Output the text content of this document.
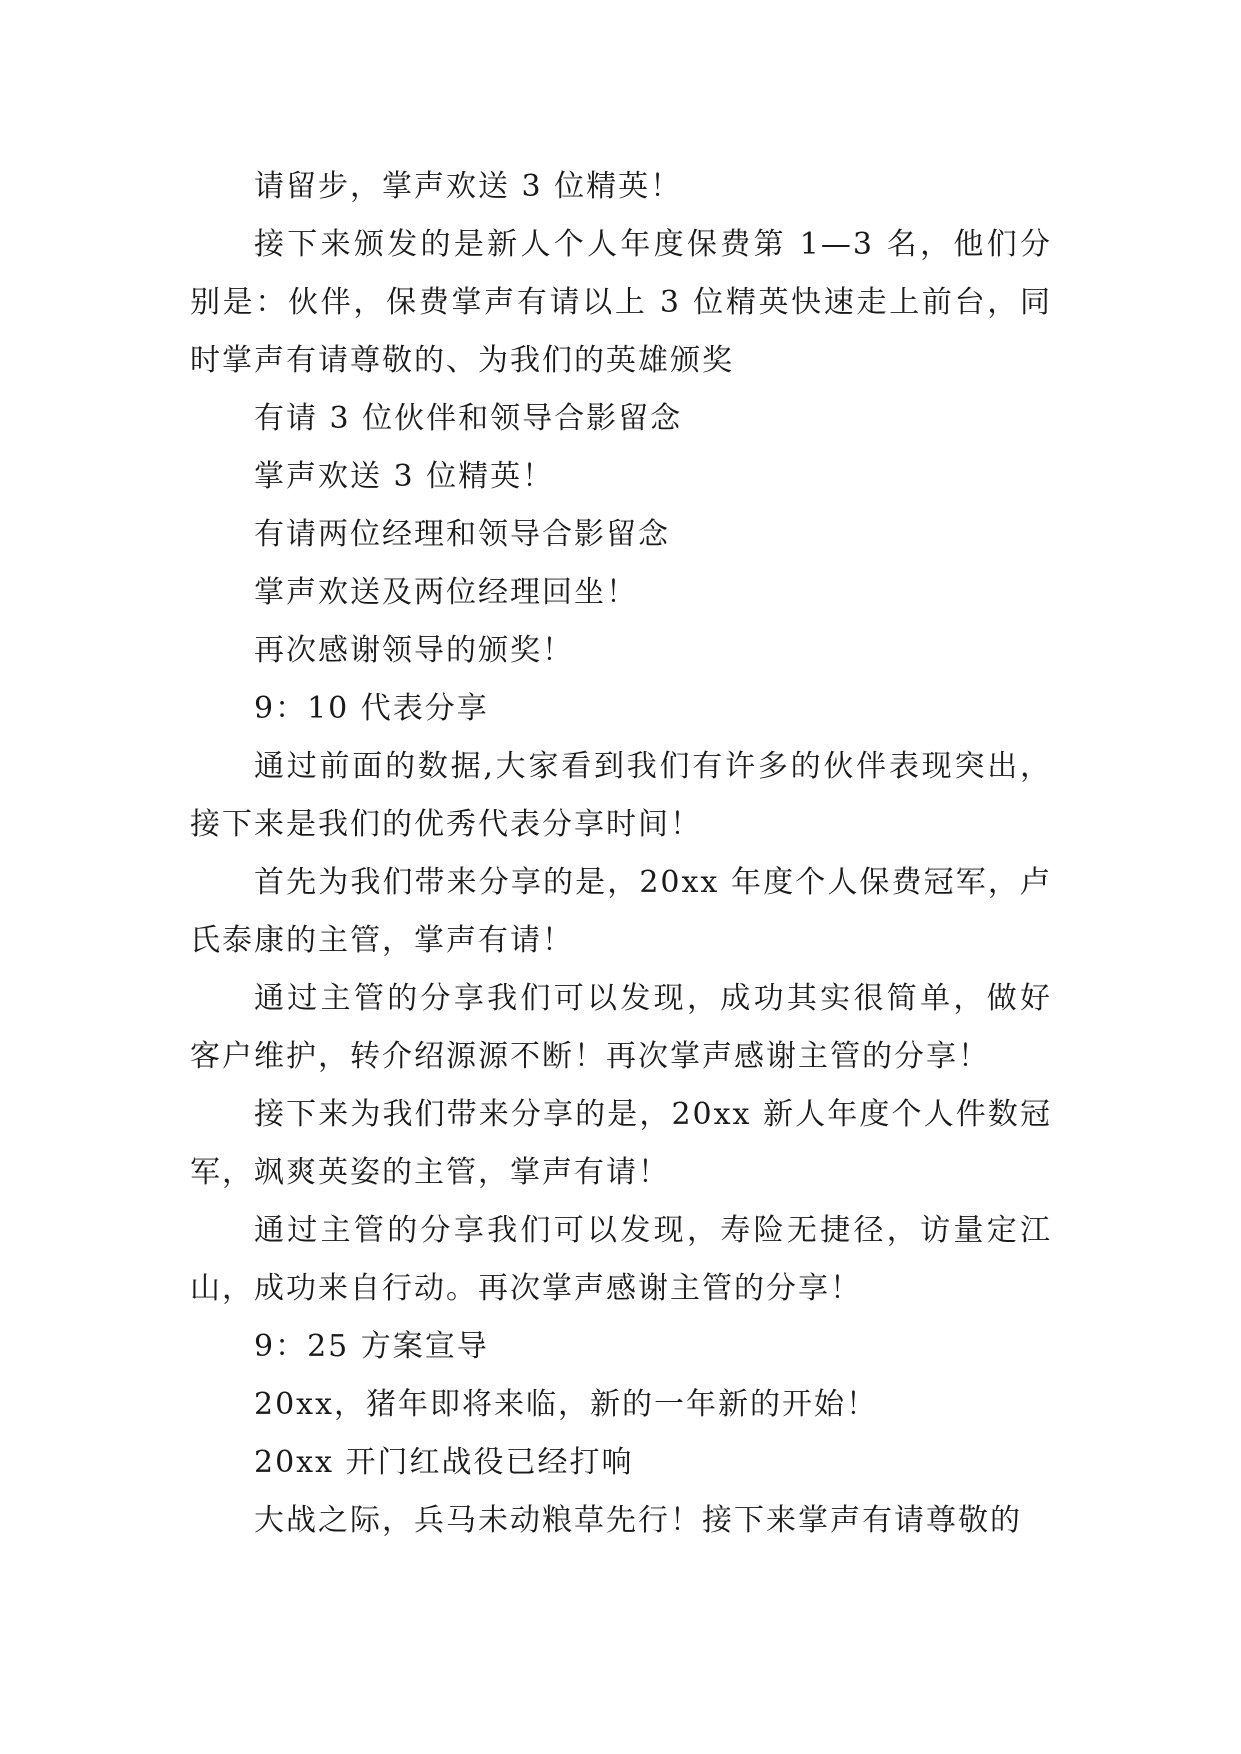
请留步，掌声欢送 3 位精英！

接下来颁发的是新人个人年度保费第 1—3 名，他们分别是：伙伴，保费掌声有请以上 3 位精英快速走上前台，同时掌声有请尊敬的、为我们的英雄颁奖

有请 3 位伙伴和领导合影留念

掌声欢送 3 位精英！

有请两位经理和领导合影留念

掌声欢送及两位经理回坐！

再次感谢领导的颁奖！

9：10 代表分享

通过前面的数据,大家看到我们有许多的伙伴表现突出，接下来是我们的优秀代表分享时间！

首先为我们带来分享的是，20xx 年度个人保费冠军，卢氏泰康的主管，掌声有请！

通过主管的分享我们可以发现，成功其实很简单，做好客户维护，转介绍源源不断！再次掌声感谢主管的分享！

接下来为我们带来分享的是，20xx 新人年度个人件数冠军，飒爽英姿的主管，掌声有请！

通过主管的分享我们可以发现，寿险无捷径，访量定江山，成功来自行动。再次掌声感谢主管的分享！

9：25 方案宣导

20xx，猪年即将来临，新的一年新的开始！

20xx 开门红战役已经打响

大战之际，兵马未动粮草先行！接下来掌声有请尊敬的
